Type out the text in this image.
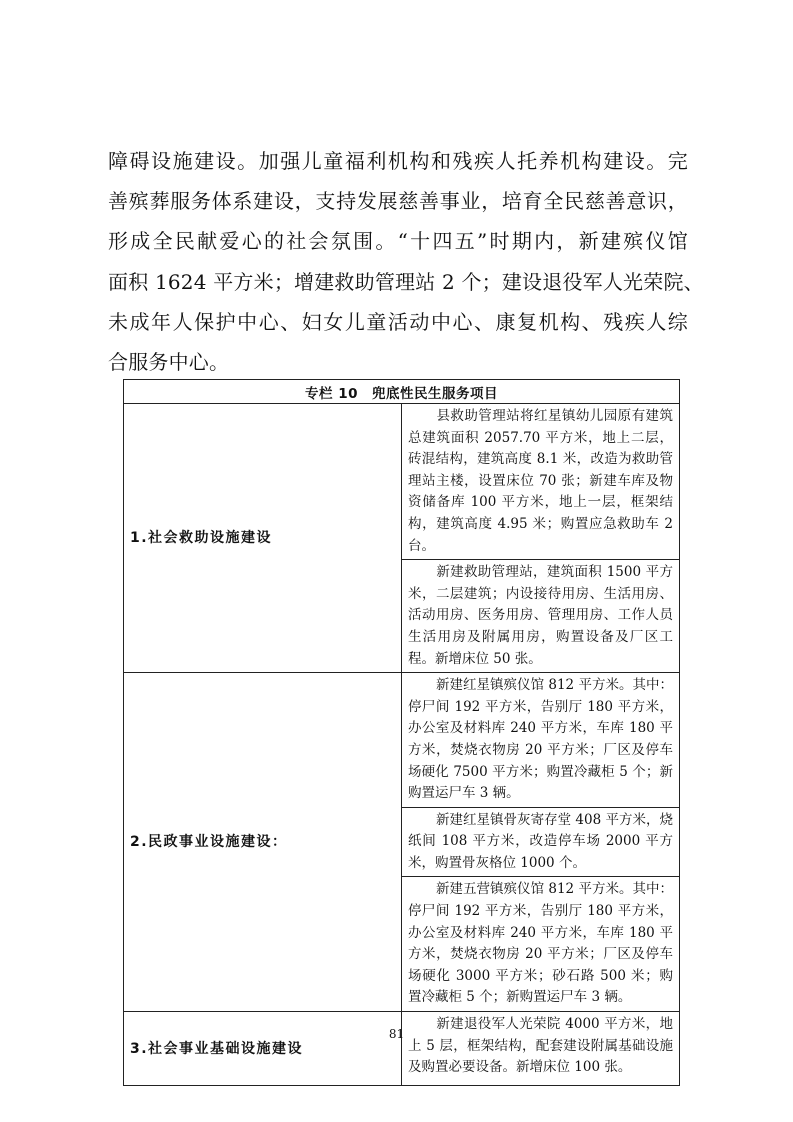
障碍设施建设。加强儿童福利机构和残疾人托养机构建设。完
善殡葬服务体系建设，支持发展慈善事业，培育全民慈善意识，
形成全民献爱心的社会氛围。“十四五”时期内，新建殡仪馆
面积 1624 平方米；增建救助管理站 2 个；建设退役军人光荣院、
未成年人保护中心、妇女儿童活动中心、康复机构、残疾人综
合服务中心。
专栏 10　兜底性民生服务项目	
1.社会救助设施建设	县救助管理站将红星镇幼儿园原有建筑总建筑面积 2057.70 平方米，地上二层，砖混结构，建筑高度 8.1 米，改造为救助管理站主楼，设置床位 70 张；新建车库及物资储备库 100 平方米，地上一层，框架结构，建筑高度 4.95 米；购置应急救助车 2 台。
	新建救助管理站，建筑面积 1500 平方米，二层建筑；内设接待用房、生活用房、活动用房、医务用房、管理用房、工作人员生活用房及附属用房，购置设备及厂区工程。新增床位 50 张。
2.民政事业设施建设：	新建红星镇殡仪馆 812 平方米。其中：停尸间 192 平方米，告别厅 180 平方米，办公室及材料库 240 平方米，车库 180 平方米，焚烧衣物房 20 平方米；厂区及停车场硬化 7500 平方米；购置冷藏柜 5 个；新购置运尸车 3 辆。
	新建红星镇骨灰寄存堂 408 平方米，烧纸间 108 平方米，改造停车场 2000 平方米，购置骨灰格位 1000 个。
	新建五营镇殡仪馆 812 平方米。其中：停尸间 192 平方米，告别厅 180 平方米，办公室及材料库 240 平方米，车库 180 平方米，焚烧衣物房 20 平方米；厂区及停车场硬化 3000 平方米；砂石路 500 米；购置冷藏柜 5 个；新购置运尸车 3 辆。
3.社会事业基础设施建设	新建退役军人光荣院 4000 平方米，地上 5 层，框架结构，配套建设附属基础设施及购置必要设备。新增床位 100 张。
81
